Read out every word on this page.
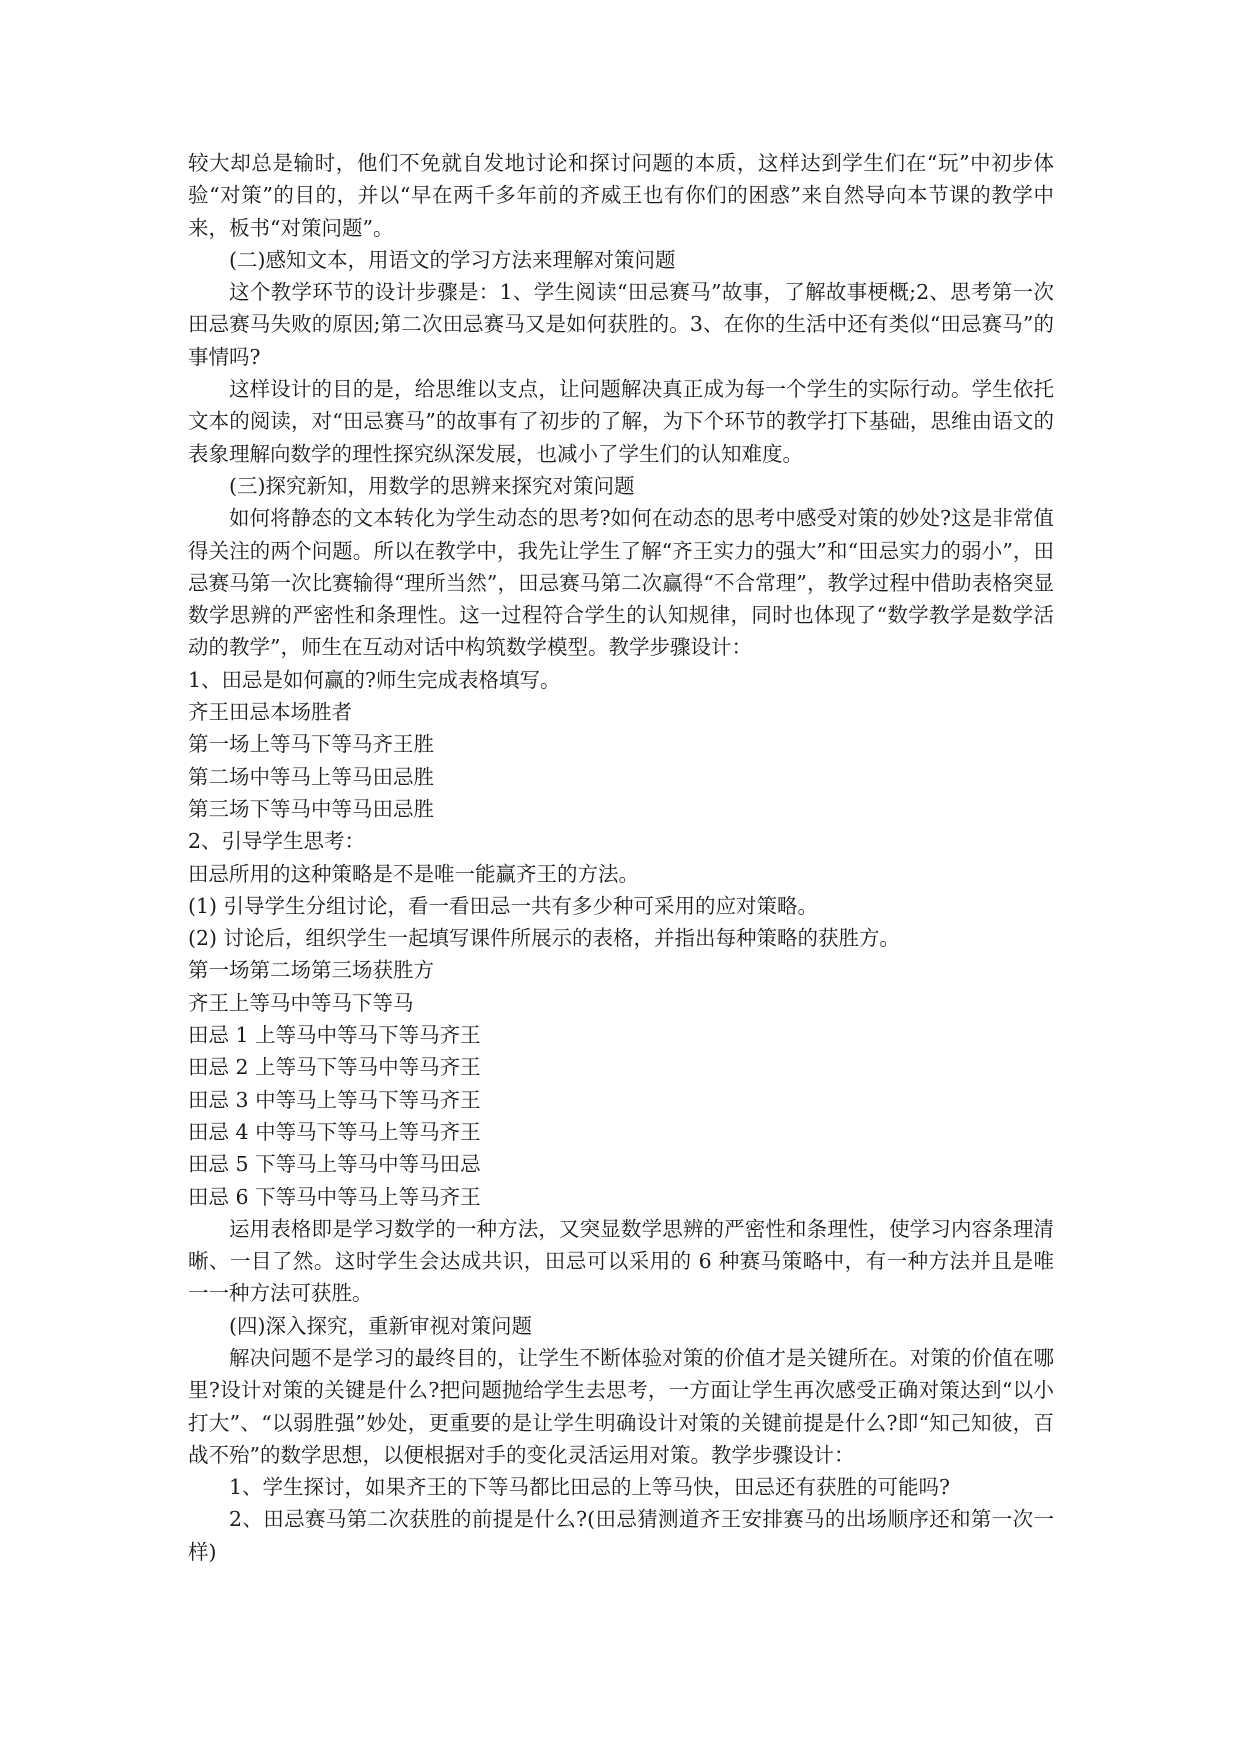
较大却总是输时，他们不免就自发地讨论和探讨问题的本质，这样达到学生们在“玩”中初步体验“对策”的目的，并以“早在两千多年前的齐威王也有你们的困惑”来自然导向本节课的教学中来，板书“对策问题”。

(二)感知文本，用语文的学习方法来理解对策问题

这个教学环节的设计步骤是：1、学生阅读“田忌赛马”故事，了解故事梗概;2、思考第一次田忌赛马失败的原因;第二次田忌赛马又是如何获胜的。3、在你的生活中还有类似“田忌赛马”的事情吗?

这样设计的目的是，给思维以支点，让问题解决真正成为每一个学生的实际行动。学生依托文本的阅读，对“田忌赛马”的故事有了初步的了解，为下个环节的教学打下基础，思维由语文的表象理解向数学的理性探究纵深发展，也减小了学生们的认知难度。

(三)探究新知，用数学的思辨来探究对策问题

如何将静态的文本转化为学生动态的思考?如何在动态的思考中感受对策的妙处?这是非常值得关注的两个问题。所以在教学中，我先让学生了解“齐王实力的强大”和“田忌实力的弱小”，田忌赛马第一次比赛输得“理所当然”，田忌赛马第二次赢得“不合常理”，教学过程中借助表格突显数学思辨的严密性和条理性。这一过程符合学生的认知规律，同时也体现了“数学教学是数学活动的教学”，师生在互动对话中构筑数学模型。教学步骤设计：

1、田忌是如何赢的?师生完成表格填写。

齐王田忌本场胜者

第一场上等马下等马齐王胜

第二场中等马上等马田忌胜

第三场下等马中等马田忌胜

2、引导学生思考：

田忌所用的这种策略是不是唯一能赢齐王的方法。

(1) 引导学生分组讨论，看一看田忌一共有多少种可采用的应对策略。

(2) 讨论后，组织学生一起填写课件所展示的表格，并指出每种策略的获胜方。

第一场第二场第三场获胜方

齐王上等马中等马下等马

田忌 1 上等马中等马下等马齐王

田忌 2 上等马下等马中等马齐王

田忌 3 中等马上等马下等马齐王

田忌 4 中等马下等马上等马齐王

田忌 5 下等马上等马中等马田忌

田忌 6 下等马中等马上等马齐王

运用表格即是学习数学的一种方法，又突显数学思辨的严密性和条理性，使学习内容条理清晰、一目了然。这时学生会达成共识，田忌可以采用的 6 种赛马策略中，有一种方法并且是唯一一种方法可获胜。

(四)深入探究，重新审视对策问题

解决问题不是学习的最终目的，让学生不断体验对策的价值才是关键所在。对策的价值在哪里?设计对策的关键是什么?把问题抛给学生去思考，一方面让学生再次感受正确对策达到“以小打大”、“以弱胜强”妙处，更重要的是让学生明确设计对策的关键前提是什么?即“知己知彼，百战不殆”的数学思想，以便根据对手的变化灵活运用对策。教学步骤设计：

1、学生探讨，如果齐王的下等马都比田忌的上等马快，田忌还有获胜的可能吗?

2、田忌赛马第二次获胜的前提是什么?(田忌猜测道齐王安排赛马的出场顺序还和第一次一样)
